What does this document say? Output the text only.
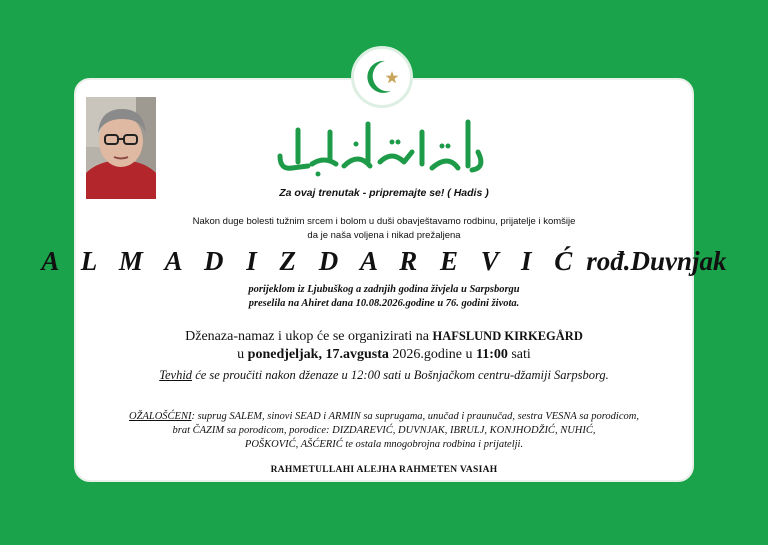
Za ovaj trenutak - pripremajte se! ( Hadis )
Nakon duge bolesti tužnim srcem i bolom u duši obavještavamo rodbinu, prijatelje i komšije
da je naša voljena i nikad prežaljena
A L M A D I Z D A R E V I Ć rođ.Duvnjak
porijeklom iz Ljubuškog a zadnjih godina živjela u Sarpsborgu
preselila na Ahiret dana 10.08.2026.godine u 76. godini života.
Dženaza-namaz i ukop će se organizirati na HAFSLUND KIRKEGÅRD
u ponedjeljak, 17.avgusta 2026.godine u 11:00 sati
Tevhid će se proučiti nakon dženaze u 12:00 sati u Bošnjačkom centru-džamiji Sarpsborg.
OŽALOŠĆENI: suprug SALEM, sinovi SEAD i ARMIN sa suprugama, unučad i praunučad, sestra VESNA sa porodicom,
brat ČAZIM sa porodicom, porodice: DIZDAREVIĆ, DUVNJAK, IBRULJ, KONJHODŽIĆ, NUHIĆ,
POŠKOVIĆ, AŠĆERIĆ te ostala mnogobrojna rodbina i prijatelji.
RAHMETULLAHI ALEJHA RAHMETEN VASIAH
